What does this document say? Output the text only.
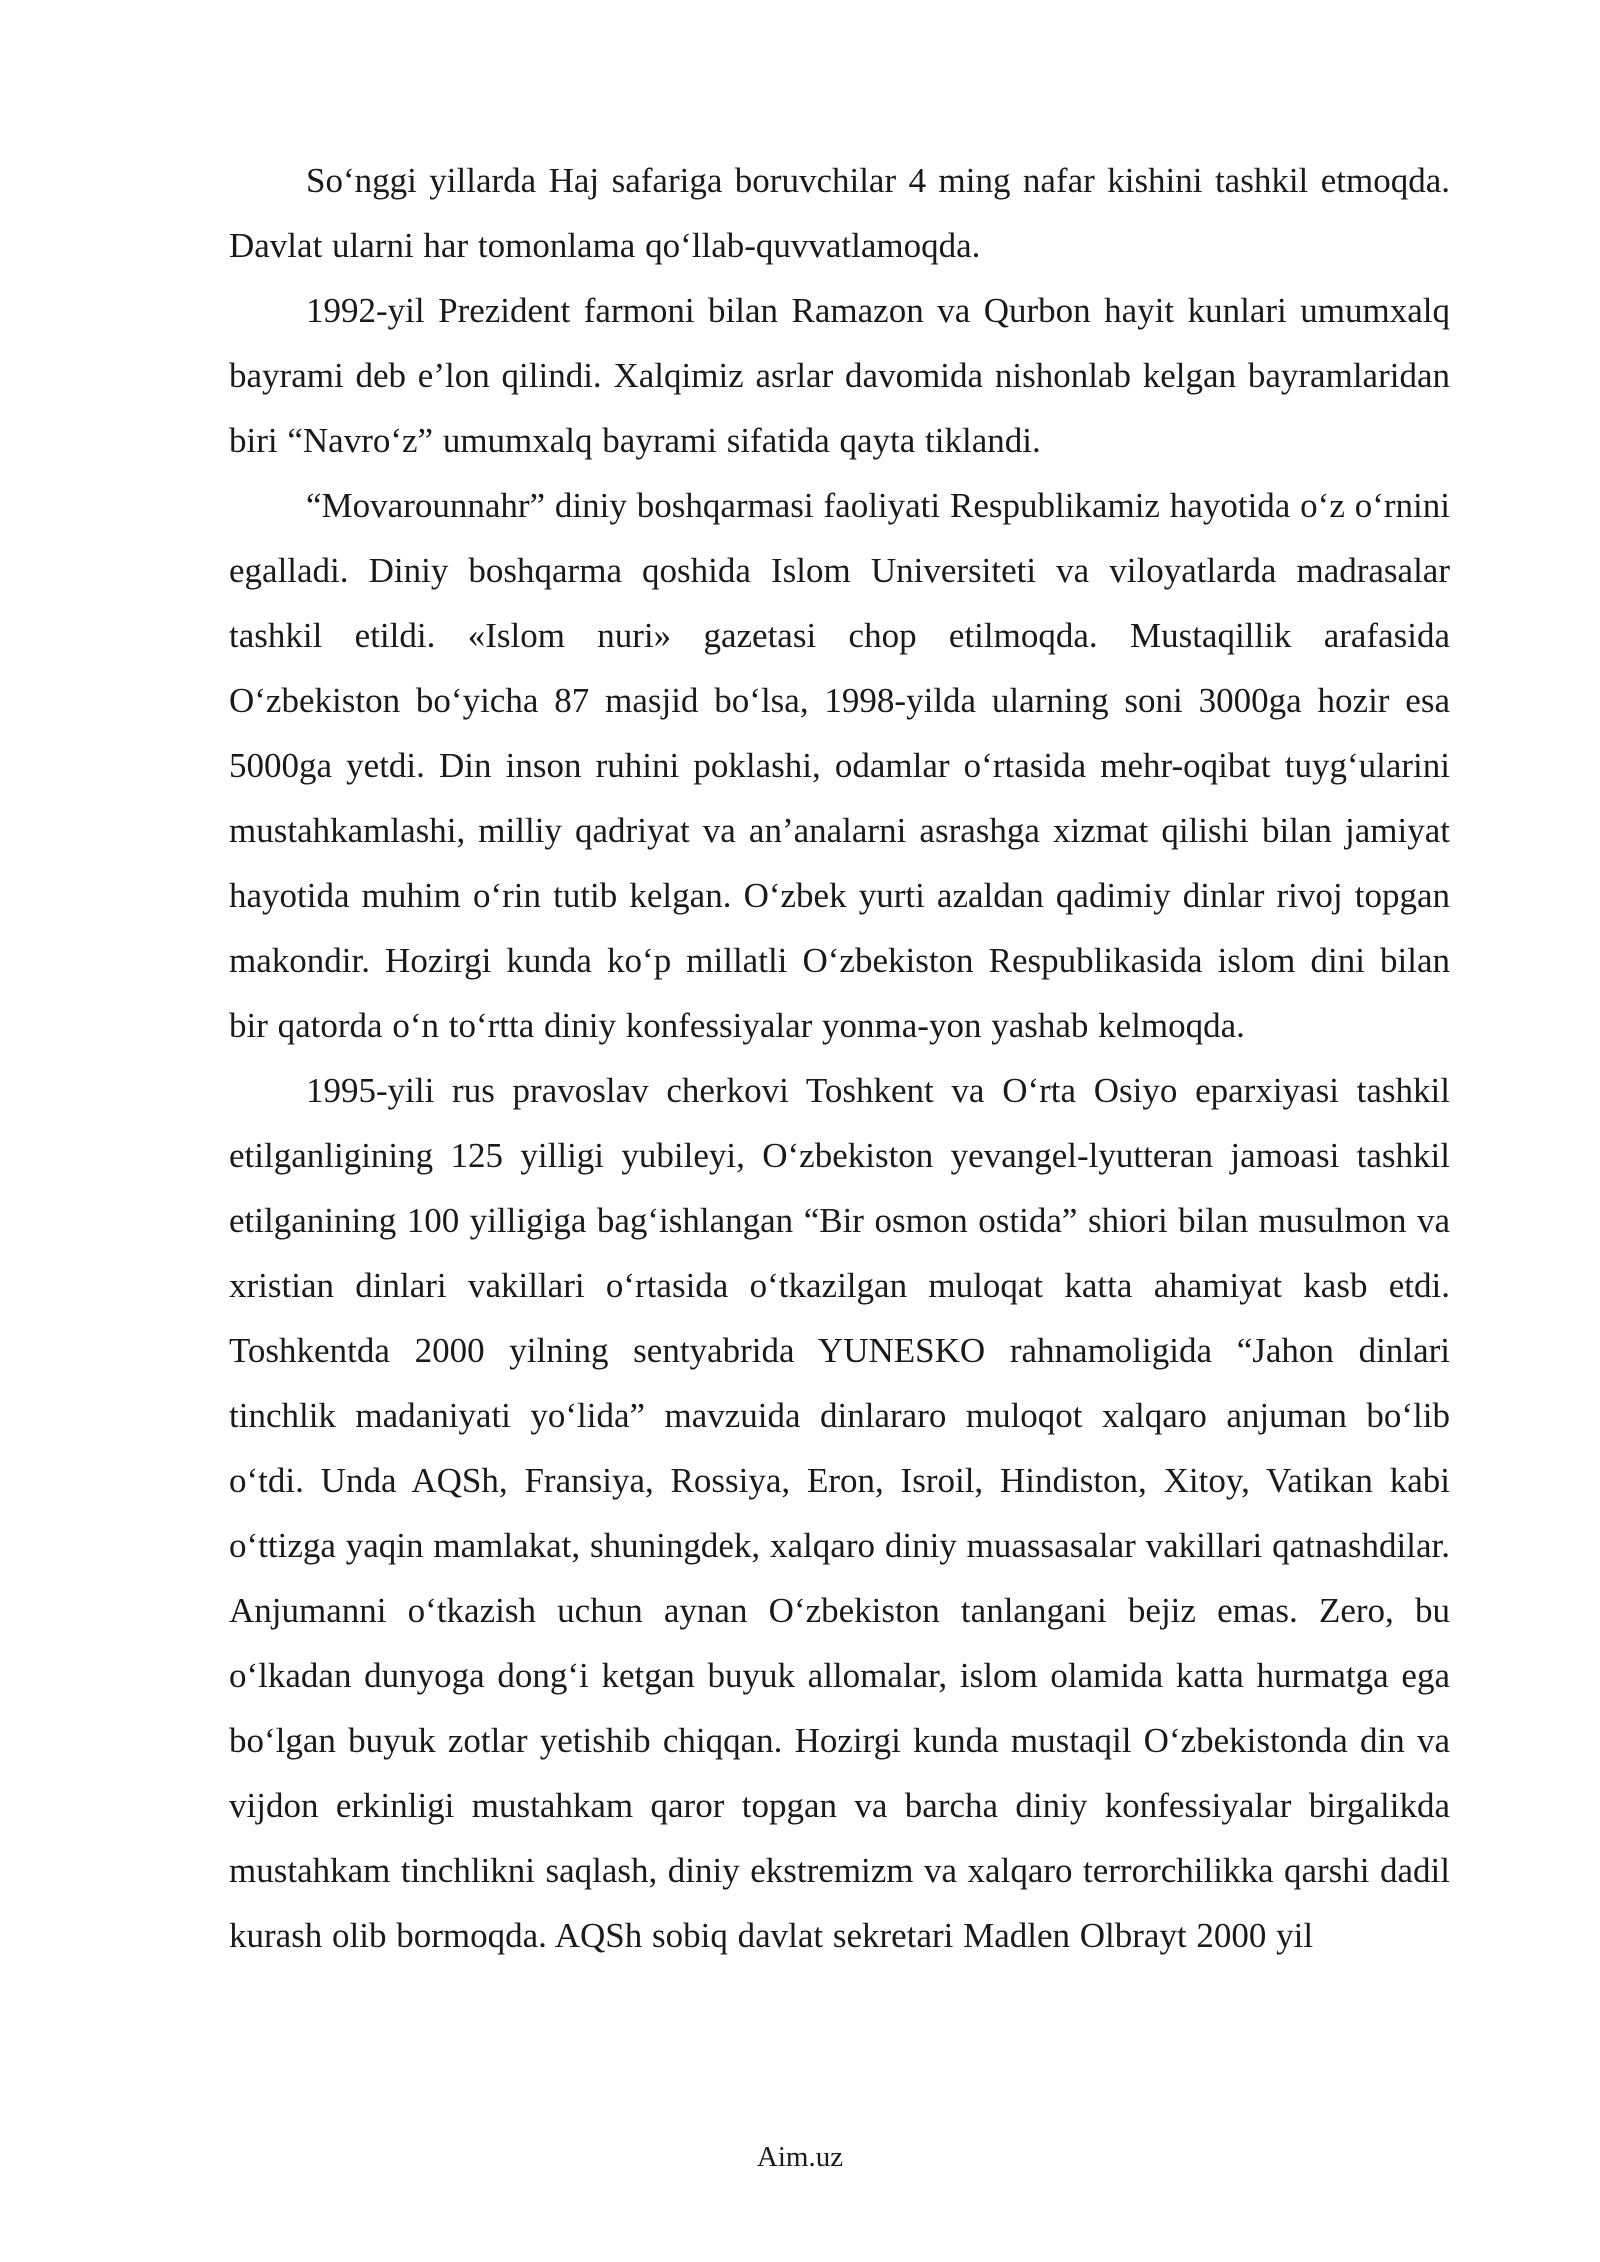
So‘nggi yillarda Haj safariga boruvchilar 4 ming nafar kishini tashkil etmoqda. Davlat ularni har tomonlama qo‘llab-quvvatlamoqda.

1992-yil Prezident farmoni bilan Ramazon va Qurbon hayit kunlari umumxalq bayrami deb e’lon qilindi. Xalqimiz asrlar davomida nishonlab kelgan bayramlaridan biri “Navro‘z” umumxalq bayrami sifatida qayta tiklandi.

“Movarounnahr” diniy boshqarmasi faoliyati Respublikamiz hayotida o‘z o‘rnini egalladi. Diniy boshqarma qoshida Islom Universiteti va viloyatlarda madrasalar tashkil etildi. «Islom nuri» gazetasi chop etilmoqda. Mustaqillik arafasida O‘zbekiston bo‘yicha 87 masjid bo‘lsa, 1998-yilda ularning soni 3000ga hozir esa 5000ga yetdi. Din inson ruhini poklashi, odamlar o‘rtasida mehr-oqibat tuyg‘ularini mustahkamlashi, milliy qadriyat va an’analarni asrashga xizmat qilishi bilan jamiyat hayotida muhim o‘rin tutib kelgan. O‘zbek yurti azaldan qadimiy dinlar rivoj topgan makondir. Hozirgi kunda ko‘p millatli O‘zbekiston Respublikasida islom dini bilan bir qatorda o‘n to‘rtta diniy konfessiyalar yonma-yon yashab kelmoqda.

1995-yili rus pravoslav cherkovi Toshkent va O‘rta Osiyo eparxiyasi tashkil etilganligining 125 yilligi yubileyi, O‘zbekiston yevangel-lyutteran jamoasi tashkil etilganining 100 yilligiga bag‘ishlangan “Bir osmon ostida” shiori bilan musulmon va xristian dinlari vakillari o‘rtasida o‘tkazilgan muloqat katta ahamiyat kasb etdi. Toshkentda 2000 yilning sentyabrida YUNESKO rahnamoligida “Jahon dinlari tinchlik madaniyati yo‘lida” mavzuida dinlararo muloqot xalqaro anjuman bo‘lib o‘tdi. Unda AQSh, Fransiya, Rossiya, Eron, Isroil, Hindiston, Xitoy, Vatikan kabi o‘ttizga yaqin mamlakat, shuningdek, xalqaro diniy muassasalar vakillari qatnashdilar. Anjumanni o‘tkazish uchun aynan O‘zbekiston tanlangani bejiz emas. Zero, bu o‘lkadan dunyoga dong‘i ketgan buyuk allomalar, islom olamida katta hurmatga ega bo‘lgan buyuk zotlar yetishib chiqqan. Hozirgi kunda mustaqil O‘zbekistonda din va vijdon erkinligi mustahkam qaror topgan va barcha diniy konfessiyalar birgalikda mustahkam tinchlikni saqlash, diniy ekstremizm va xalqaro terrorchilikka qarshi dadil kurash olib bormoqda. AQSh sobiq davlat sekretari Madlen Olbrayt 2000 yil

Aim.uz
